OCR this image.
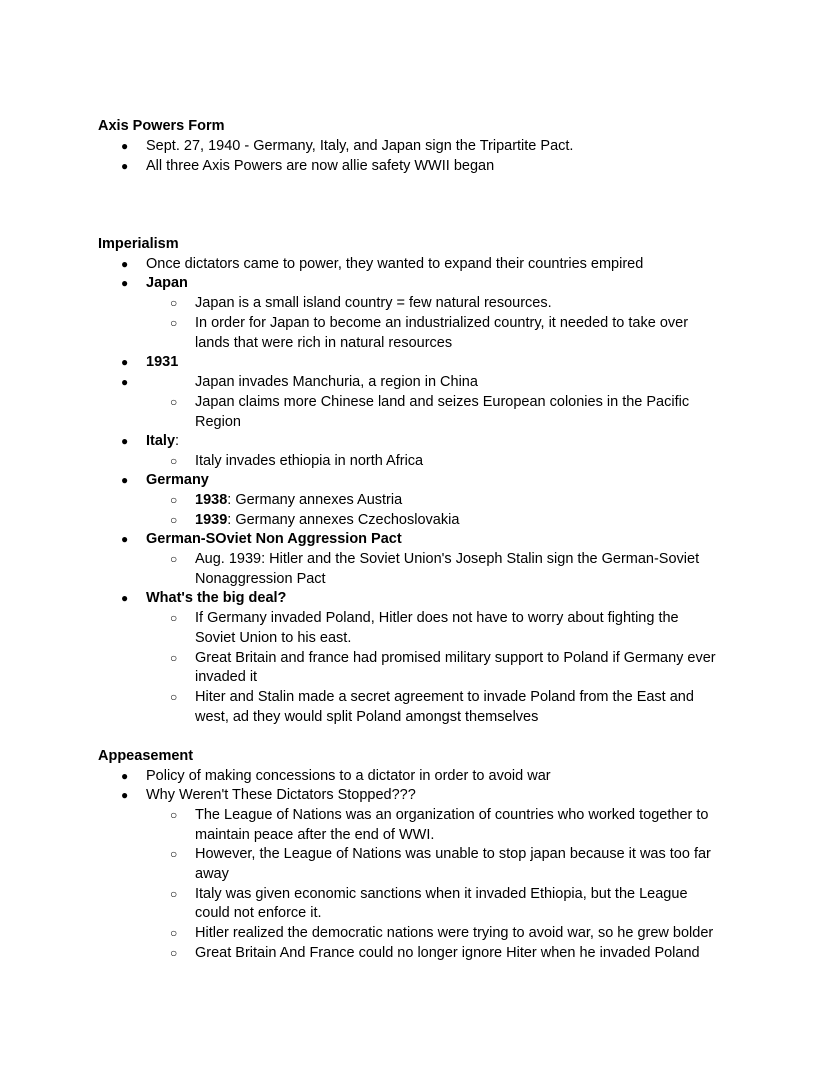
Axis Powers Form
● Sept. 27, 1940 - Germany, Italy, and Japan sign the Tripartite Pact.
● All three Axis Powers are now allie safety WWII began
Imperialism
● Once dictators came to power, they wanted to expand their countries empired
● Japan
○ Japan is a small island country = few natural resources.
○ In order for Japan to become an industrialized country, it needed to take over
lands that were rich in natural resources
● 1931
●	Japan invades Manchuria, a region in China
○ Japan claims more Chinese land and seizes European colonies in the Pacific
Region
● Italy:
○ Italy invades ethiopia in north Africa
● Germany
○ 1938: Germany annexes Austria
○ 1939: Germany annexes Czechoslovakia
● German-SOviet Non Aggression Pact
○ Aug. 1939: Hitler and the Soviet Union's Joseph Stalin sign the German-Soviet
Nonaggression Pact
● What's the big deal?
○ If Germany invaded Poland, Hitler does not have to worry about fighting the
Soviet Union to his east.
○ Great Britain and france had promised military support to Poland if Germany ever
invaded it
○ Hiter and Stalin made a secret agreement to invade Poland from the East and
west, ad they would split Poland amongst themselves
Appeasement
● Policy of making concessions to a dictator in order to avoid war
● Why Weren't These Dictators Stopped???
○ The League of Nations was an organization of countries who worked together to
maintain peace after the end of WWI.
○ However, the League of Nations was unable to stop japan because it was too far
away
○ Italy was given economic sanctions when it invaded Ethiopia, but the League
could not enforce it.
○ Hitler realized the democratic nations were trying to avoid war, so he grew bolder
○ Great Britain And France could no longer ignore Hiter when he invaded Poland
